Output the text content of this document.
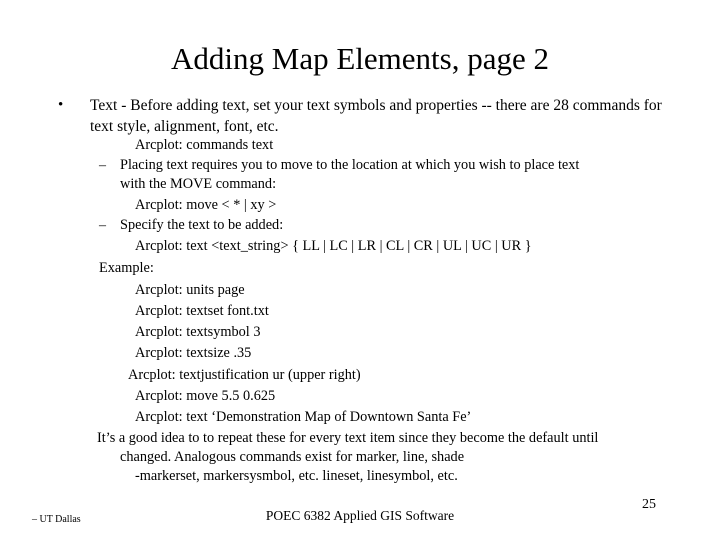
Adding Map Elements, page 2
• Text - Before adding text, set your text symbols and properties -- there are 28 commands for text style, alignment, font, etc.
Arcplot: commands text
– Placing text requires you to move to the location at which you wish to place text
with the MOVE command:
Arcplot: move < * | xy >
– Specify the text to be added:
Arcplot: text <text_string> { LL | LC | LR | CL | CR | UL | UC | UR }
Example:
Arcplot: units page
Arcplot: textset font.txt
Arcplot: textsymbol 3
Arcplot: textsize .35
Arcplot: textjustification ur (upper right)
Arcplot: move 5.5 0.625
Arcplot: text ‘Demonstration Map of Downtown Santa Fe’
It’s a good idea to to repeat these for every text item since they become the default until
changed. Analogous commands exist for marker, line, shade
-markerset, markersysmbol, etc. lineset, linesymbol, etc.
– UT Dallas	POEC 6382 Applied GIS Software
25
